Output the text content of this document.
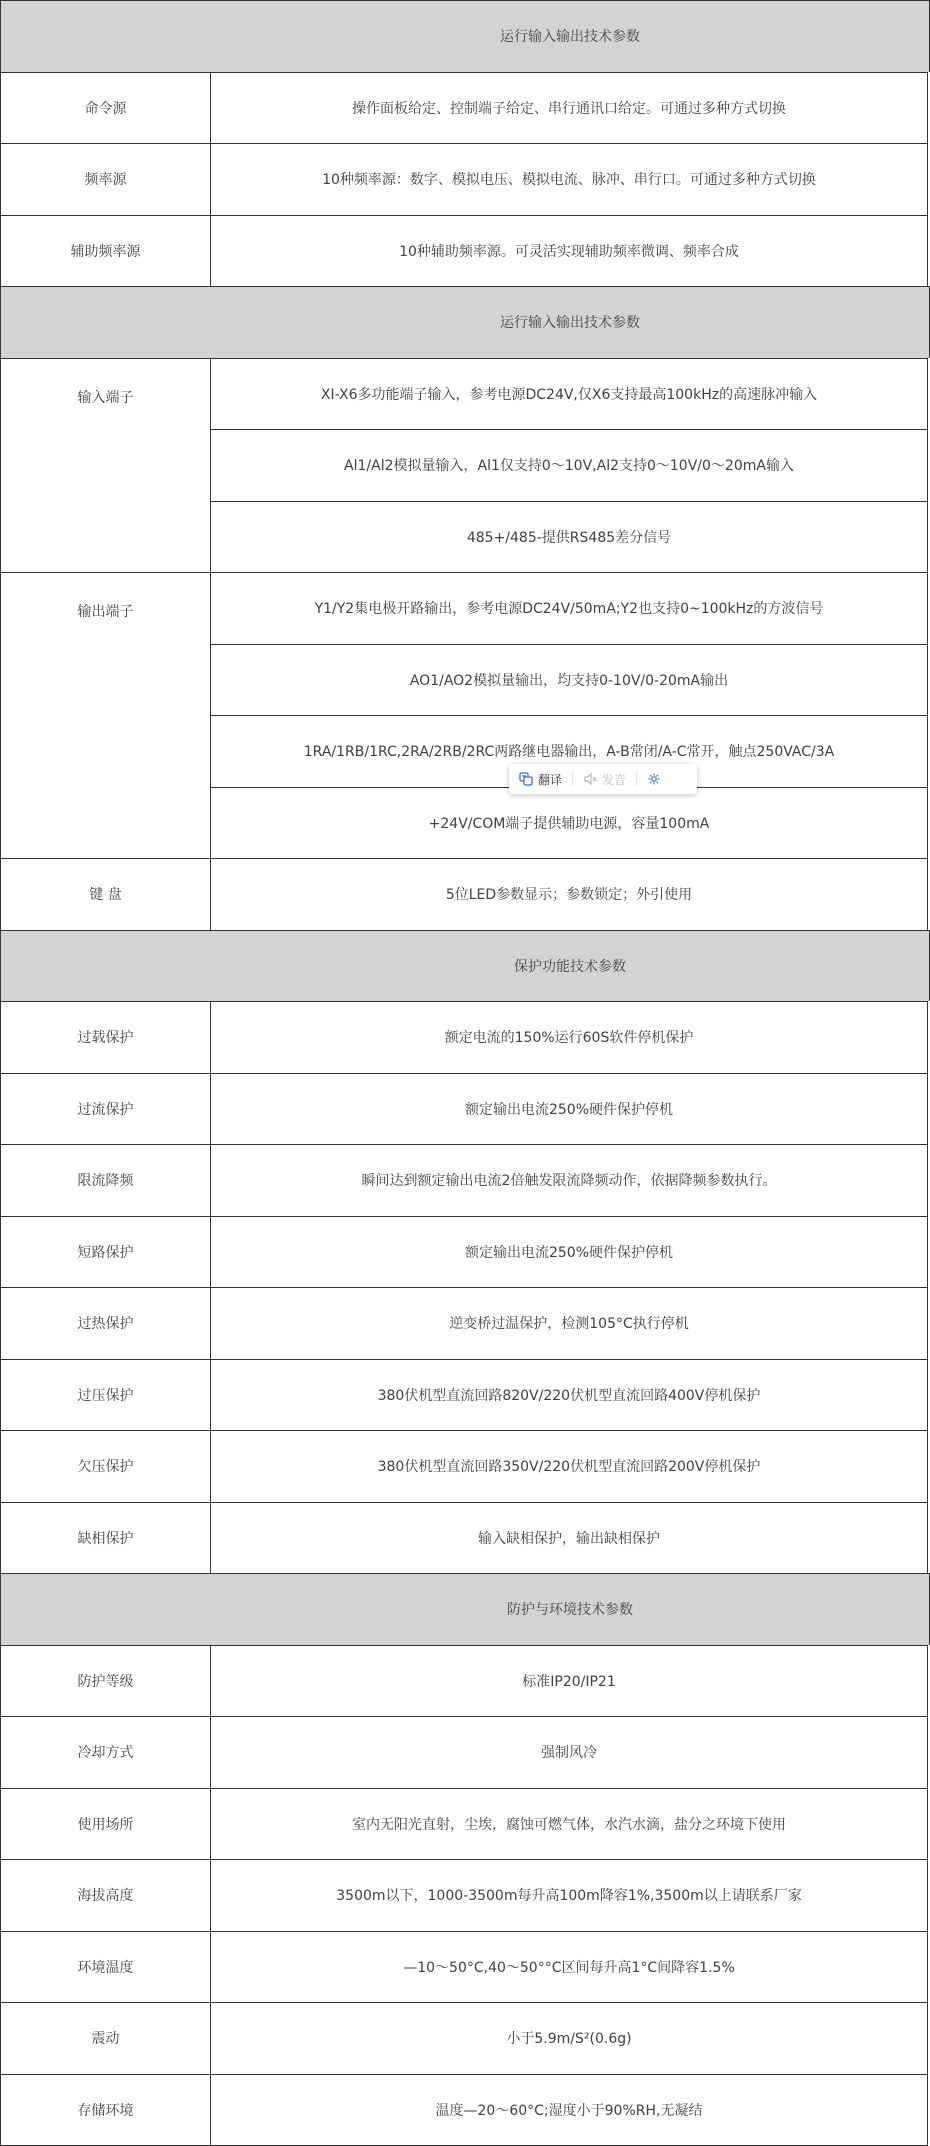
运行输入输出技术参数
命令源	操作面板给定、控制端子给定、串行通讯口给定。可通过多种方式切换
频率源	10种频率源：数字、模拟电压、模拟电流、脉冲、串行口。可通过多种方式切换
辅助频率源	10种辅助频率源。可灵活实现辅助频率微调、频率合成
运行输入输出技术参数
输入端子	XI-X6多功能端子输入，参考电源DC24V,仅X6支持最高100kHz的高速脉冲输入
Al1/Al2模拟量输入，Al1仅支持0～10V,Al2支持0～10V/0～20mA输入
485+/485-提供RS485差分信号
输出端子	Y1/Y2集电极开路输出，参考电源DC24V/50mA;Y2也支持0~100kHz的方波信号
AO1/AO2模拟量输出，均支持0-10V/0-20mA输出
1RA/1RB/1RC,2RA/2RB/2RC两路继电器输出，A-B常闭/A-C常开，触点250VAC/3A
+24V/COM端子提供辅助电源，容量100mA
键 盘	5位LED参数显示；参数锁定；外引使用
保护功能技术参数
过载保护	额定电流的150%运行60S软件停机保护
过流保护	额定输出电流250%硬件保护停机
限流降频	瞬间达到额定输出电流2倍触发限流降频动作，依据降频参数执行。
短路保护	额定输出电流250%硬件保护停机
过热保护	逆变桥过温保护，检测105°C执行停机
过压保护	380伏机型直流回路820V/220伏机型直流回路400V停机保护
欠压保护	380伏机型直流回路350V/220伏机型直流回路200V停机保护
缺相保护	输入缺相保护，输出缺相保护
防护与环境技术参数
防护等级	标准IP20/IP21
冷却方式	强制风冷
使用场所	室内无阳光直射，尘埃，腐蚀可燃气体，水汽水滴，盐分之环境下使用
海拔高度	3500m以下，1000-3500m每升高100m降容1%,3500m以上请联系厂家
环境温度	—10～50°C,40～50°°C区间每升高1°C间降容1.5%
震动	小于5.9m/S²(0.6g)
存储环境	温度—20～60°C;湿度小于90%RH,无凝结
翻译	发音
